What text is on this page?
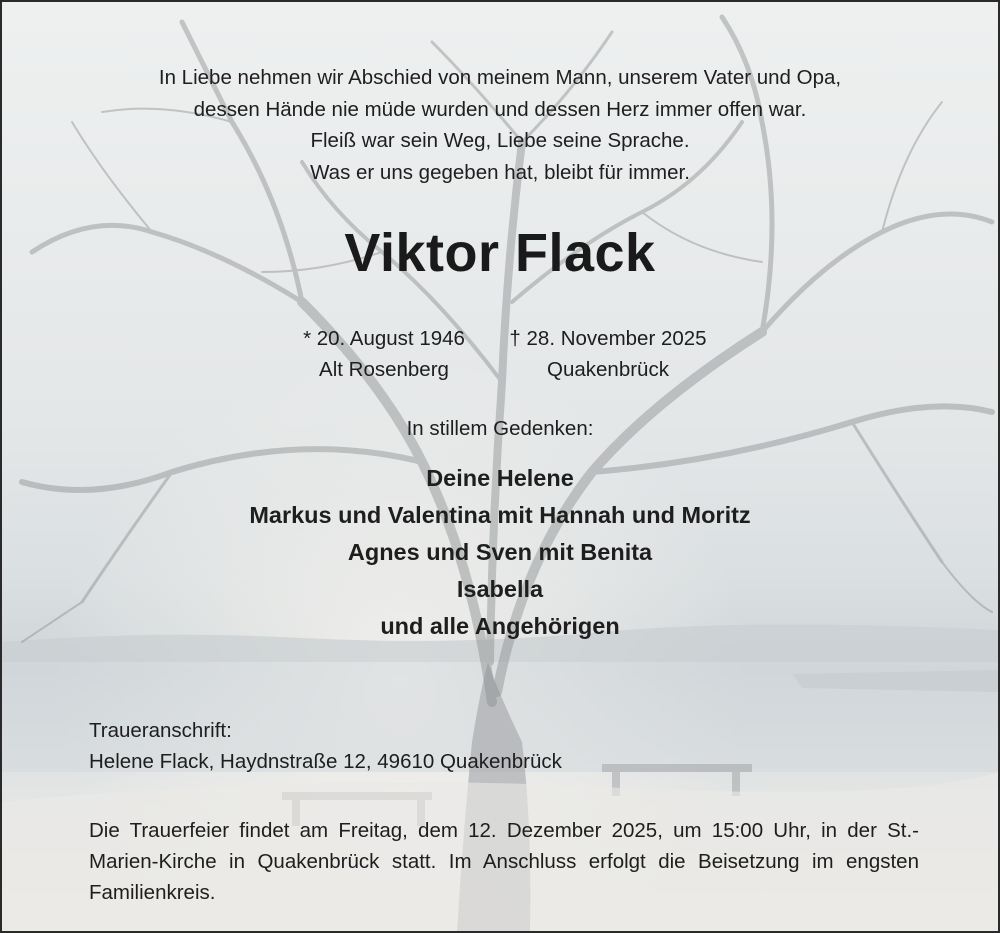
In Liebe nehmen wir Abschied von meinem Mann, unserem Vater und Opa,
dessen Hände nie müde wurden und dessen Herz immer offen war.
Fleiß war sein Weg, Liebe seine Sprache.
Was er uns gegeben hat, bleibt für immer.
Viktor Flack
* 20. August 1946
Alt Rosenberg
† 28. November 2025
Quakenbrück
In stillem Gedenken:
Deine Helene
Markus und Valentina mit Hannah und Moritz
Agnes und Sven mit Benita
Isabella
und alle Angehörigen
Traueranschrift:
Helene Flack, Haydnstraße 12, 49610 Quakenbrück
Die Trauerfeier findet am Freitag, dem 12. Dezember 2025, um 15:00 Uhr, in der St.-Marien-Kirche in Quakenbrück statt. Im Anschluss erfolgt die Beisetzung im engsten Familienkreis.
